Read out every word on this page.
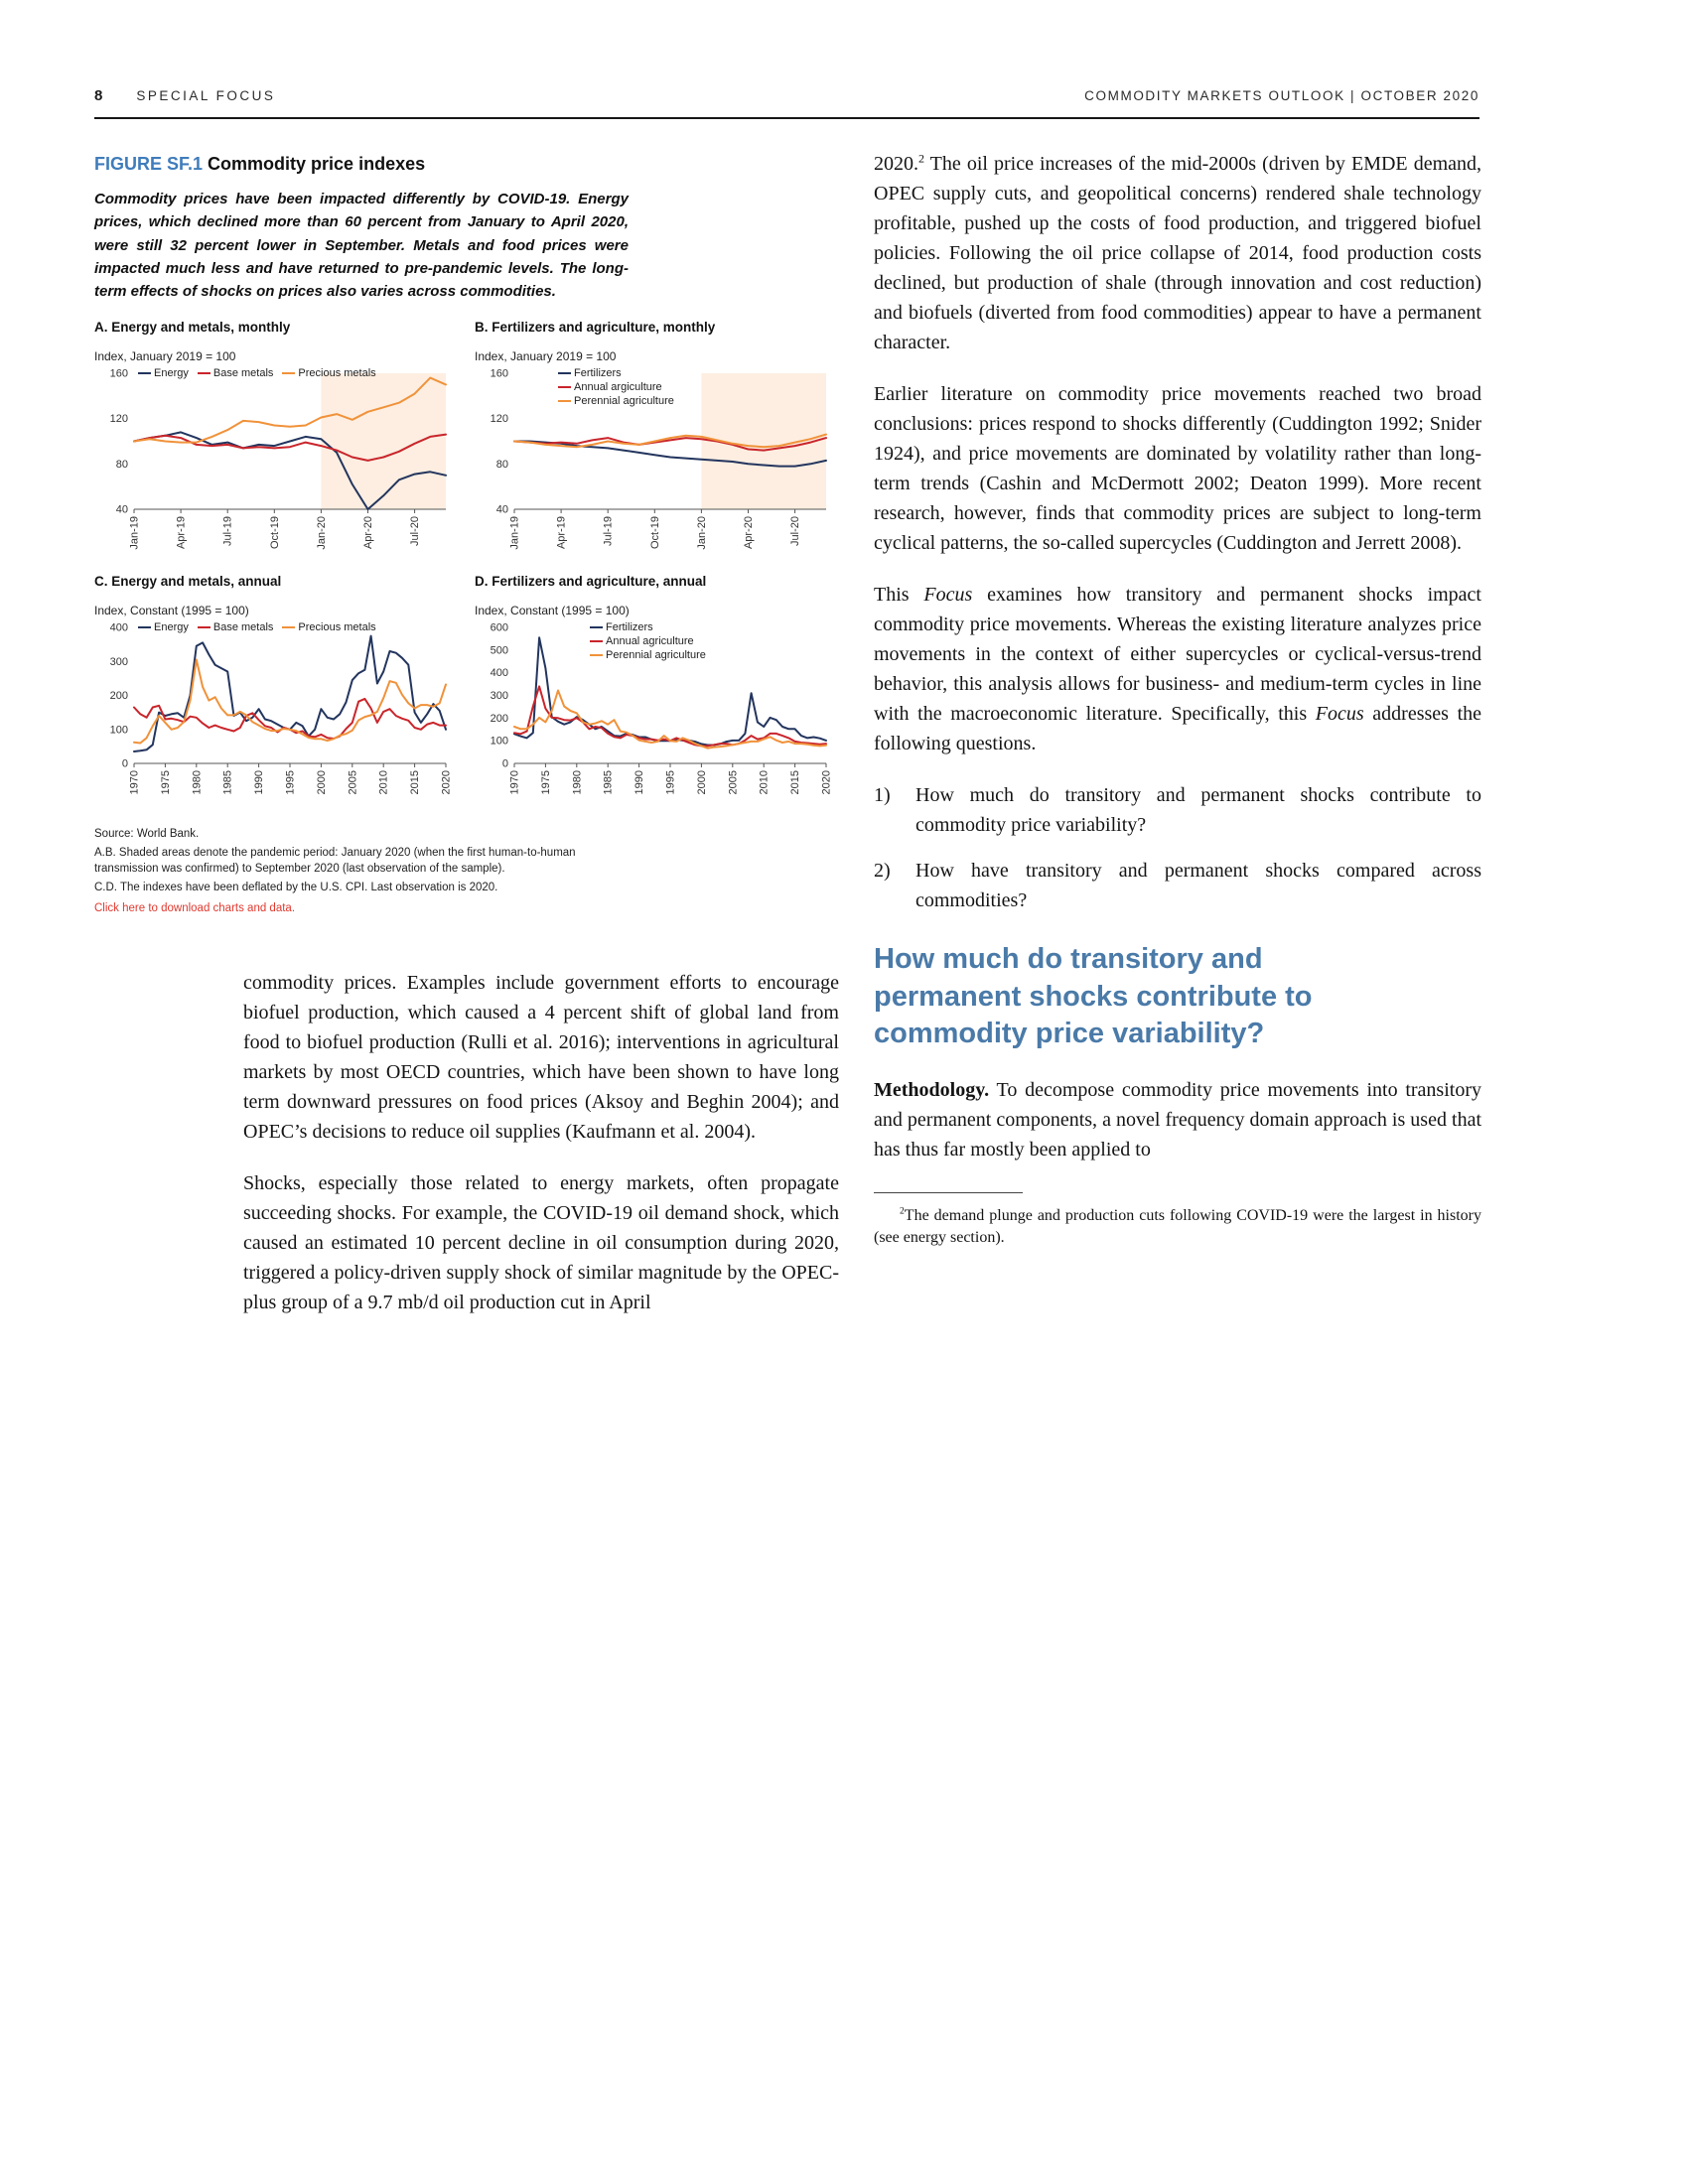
8	SPECIAL FOCUS	COMMODITY MARKETS OUTLOOK | OCTOBER 2020
FIGURE SF.1 Commodity price indexes

Commodity prices have been impacted differently by COVID-19. Energy prices, which declined more than 60 percent from January to April 2020, were still 32 percent lower in September. Metals and food prices were impacted much less and have returned to pre-pandemic levels. The long-term effects of shocks on prices also varies across commodities.

A. Energy and metals, monthly
Index, January 2019 = 100
Energy Base metals Precious metals
40
80
120
160
Jan-19	Apr-19	Jul-19	Oct-19	Jan-20	Apr-20	Jul-20
B. Fertilizers and agriculture, monthly
Index, January 2019 = 100
Fertilizers
Annual argiculture
Perennial agriculture
40
80
120
160
Jan-19	Apr-19	Jul-19	Oct-19	Jan-20	Apr-20	Jul-20
C. Energy and metals, annual
Index, Constant (1995 = 100)
Energy Base metals Precious metals
0
100
200
300
400
1970 1975 1980 1985 1990 1995 2000 2005 2010 2015 2020
D. Fertilizers and agriculture, annual
Index, Constant (1995 = 100)
Fertilizers
Annual agriculture
Perennial agriculture
0
100
200
300
400
500
600
1970 1975 1980 1985 1990 1995 2000 2005 2010 2015 2020

Source: World Bank.

A.B. Shaded areas denote the pandemic period: January 2020 (when the first human-to-human transmission was confirmed) to September 2020 (last observation of the sample).

C.D. The indexes have been deflated by the U.S. CPI. Last observation is 2020.

Click here to download charts and data.

commodity prices. Examples include government efforts to encourage biofuel production, which caused a 4 percent shift of global land from food to biofuel production (Rulli et al. 2016); interventions in agricultural markets by most OECD countries, which have been shown to have long term downward pressures on food prices (Aksoy and Beghin 2004); and OPEC’s decisions to reduce oil supplies (Kaufmann et al. 2004).

Shocks, especially those related to energy markets, often propagate succeeding shocks. For example, the COVID-19 oil demand shock, which caused an estimated 10 percent decline in oil consumption during 2020, triggered a policy-driven supply shock of similar magnitude by the OPEC-plus group of a 9.7 mb/d oil production cut in April

2020.$^2$ The oil price increases of the mid-2000s (driven by EMDE demand, OPEC supply cuts, and geopolitical concerns) rendered shale technology profitable, pushed up the costs of food production, and triggered biofuel policies. Following the oil price collapse of 2014, food production costs declined, but production of shale (through innovation and cost reduction) and biofuels (diverted from food commodities) appear to have a permanent character.

Earlier literature on commodity price movements reached two broad conclusions: prices respond to shocks differently (Cuddington 1992; Snider 1924), and price movements are dominated by volatility rather than long-term trends (Cashin and McDermott 2002; Deaton 1999). More recent research, however, finds that commodity prices are subject to long-term cyclical patterns, the so-called supercycles (Cuddington and Jerrett 2008).

This Focus examines how transitory and permanent shocks impact commodity price movements. Whereas the existing literature analyzes price movements in the context of either supercycles or cyclical-versus-trend behavior, this analysis allows for business- and medium-term cycles in line with the macroeconomic literature. Specifically, this Focus addresses the following questions.

1)	How much do transitory and permanent shocks contribute to commodity price variability?
2)	How have transitory and permanent shocks compared across commodities?
How much do transitory and permanent shocks contribute to commodity price variability?

Methodology. To decompose commodity price movements into transitory and permanent components, a novel frequency domain approach is used that has thus far mostly been applied to

$^2$The demand plunge and production cuts following COVID-19 were the largest in history (see energy section).
